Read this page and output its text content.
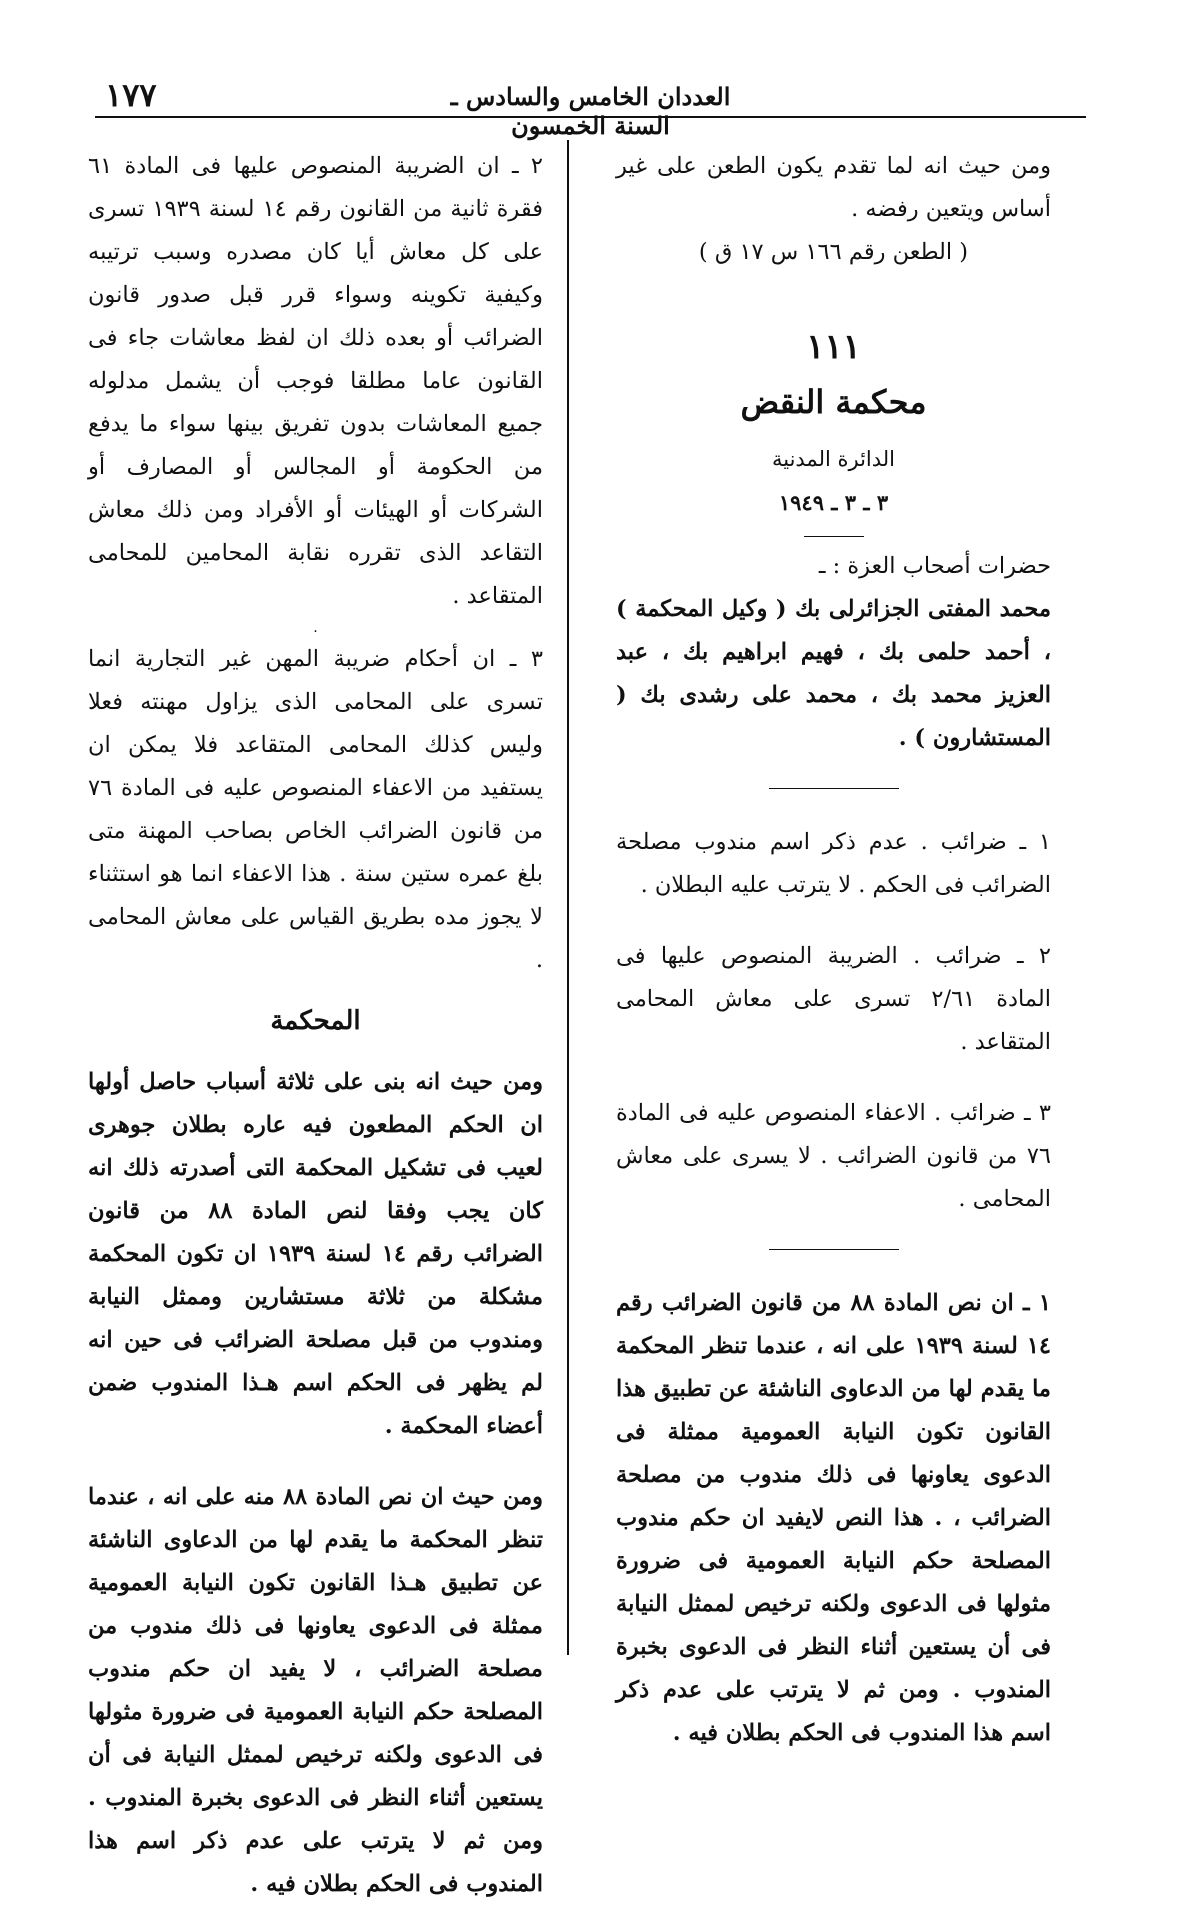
العددان الخامس والسادس ـ السنة الخمسون
١٧٧

ومن حيث انه لما تقدم يكون الطعن على غير أساس ويتعين رفضه .

( الطعن رقم ١٦٦ س ١٧ ق )

١١١
محكمة النقض
الدائرة المدنية
٣ ـ ٣ ـ ١٩٤٩

حضرات أصحاب العزة : ـ

محمد المفتى الجزائرلى بك ( وكيل المحكمة ) ، أحمد حلمى بك ، فهيم ابراهيم بك ، عبد العزيز محمد بك ، محمد على رشدى بك ( المستشارون ) .

١ ـ ضرائب . عدم ذكر اسم مندوب مصلحة الضرائب فى الحكم . لا يترتب عليه البطلان .

٢ ـ ضرائب . الضريبة المنصوص عليها فى المادة ٢/٦١ تسرى على معاش المحامى المتقاعد .

٣ ـ ضرائب . الاعفاء المنصوص عليه فى المادة ٧٦ من قانون الضرائب . لا يسرى على معاش المحامى .

١ ـ ان نص المادة ٨٨ من قانون الضرائب رقم ١٤ لسنة ١٩٣٩ على انه ، عندما تنظر المحكمة ما يقدم لها من الدعاوى الناشئة عن تطبيق هذا القانون تكون النيابة العمومية ممثلة فى الدعوى يعاونها فى ذلك مندوب من مصلحة الضرائب ، . هذا النص لايفيد ان حكم مندوب المصلحة حكم النيابة العمومية فى ضرورة مثولها فى الدعوى ولكنه ترخيص لممثل النيابة فى أن يستعين أثناء النظر فى الدعوى بخبرة المندوب . ومن ثم لا يترتب على عدم ذكر اسم هذا المندوب فى الحكم بطلان فيه .

٢ ـ ان الضريبة المنصوص عليها فى المادة ٦١ فقرة ثانية من القانون رقم ١٤ لسنة ١٩٣٩ تسرى على كل معاش أيا كان مصدره وسبب ترتيبه وكيفية تكوينه وسواء قرر قبل صدور قانون الضرائب أو بعده ذلك ان لفظ معاشات جاء فى القانون عاما مطلقا فوجب أن يشمل مدلوله جميع المعاشات بدون تفريق بينها سواء ما يدفع من الحكومة أو المجالس أو المصارف أو الشركات أو الهيئات أو الأفراد ومن ذلك معاش التقاعد الذى تقرره نقابة المحامين للمحامى المتقاعد .

.

٣ ـ ان أحكام ضريبة المهن غير التجارية انما تسرى على المحامى الذى يزاول مهنته فعلا وليس كذلك المحامى المتقاعد فلا يمكن ان يستفيد من الاعفاء المنصوص عليه فى المادة ٧٦ من قانون الضرائب الخاص بصاحب المهنة متى بلغ عمره ستين سنة . هذا الاعفاء انما هو استثناء لا يجوز مده بطريق القياس على معاش المحامى .

المحكمة

ومن حيث انه بنى على ثلاثة أسباب حاصل أولها ان الحكم المطعون فيه عاره بطلان جوهرى لعيب فى تشكيل المحكمة التى أصدرته ذلك انه كان يجب وفقا لنص المادة ٨٨ من قانون الضرائب رقم ١٤ لسنة ١٩٣٩ ان تكون المحكمة مشكلة من ثلاثة مستشارين وممثل النيابة ومندوب من قبل مصلحة الضرائب فى حين انه لم يظهر فى الحكم اسم هـذا المندوب ضمن أعضاء المحكمة .

ومن حيث ان نص المادة ٨٨ منه على انه ، عندما تنظر المحكمة ما يقدم لها من الدعاوى الناشئة عن تطبيق هـذا القانون تكون النيابة العمومية ممثلة فى الدعوى يعاونها فى ذلك مندوب من مصلحة الضرائب ، لا يفيد ان حكم مندوب المصلحة حكم النيابة العمومية فى ضرورة مثولها فى الدعوى ولكنه ترخيص لممثل النيابة فى أن يستعين أثناء النظر فى الدعوى بخبرة المندوب . ومن ثم لا يترتب على عدم ذكر اسم هذا المندوب فى الحكم بطلان فيه .
